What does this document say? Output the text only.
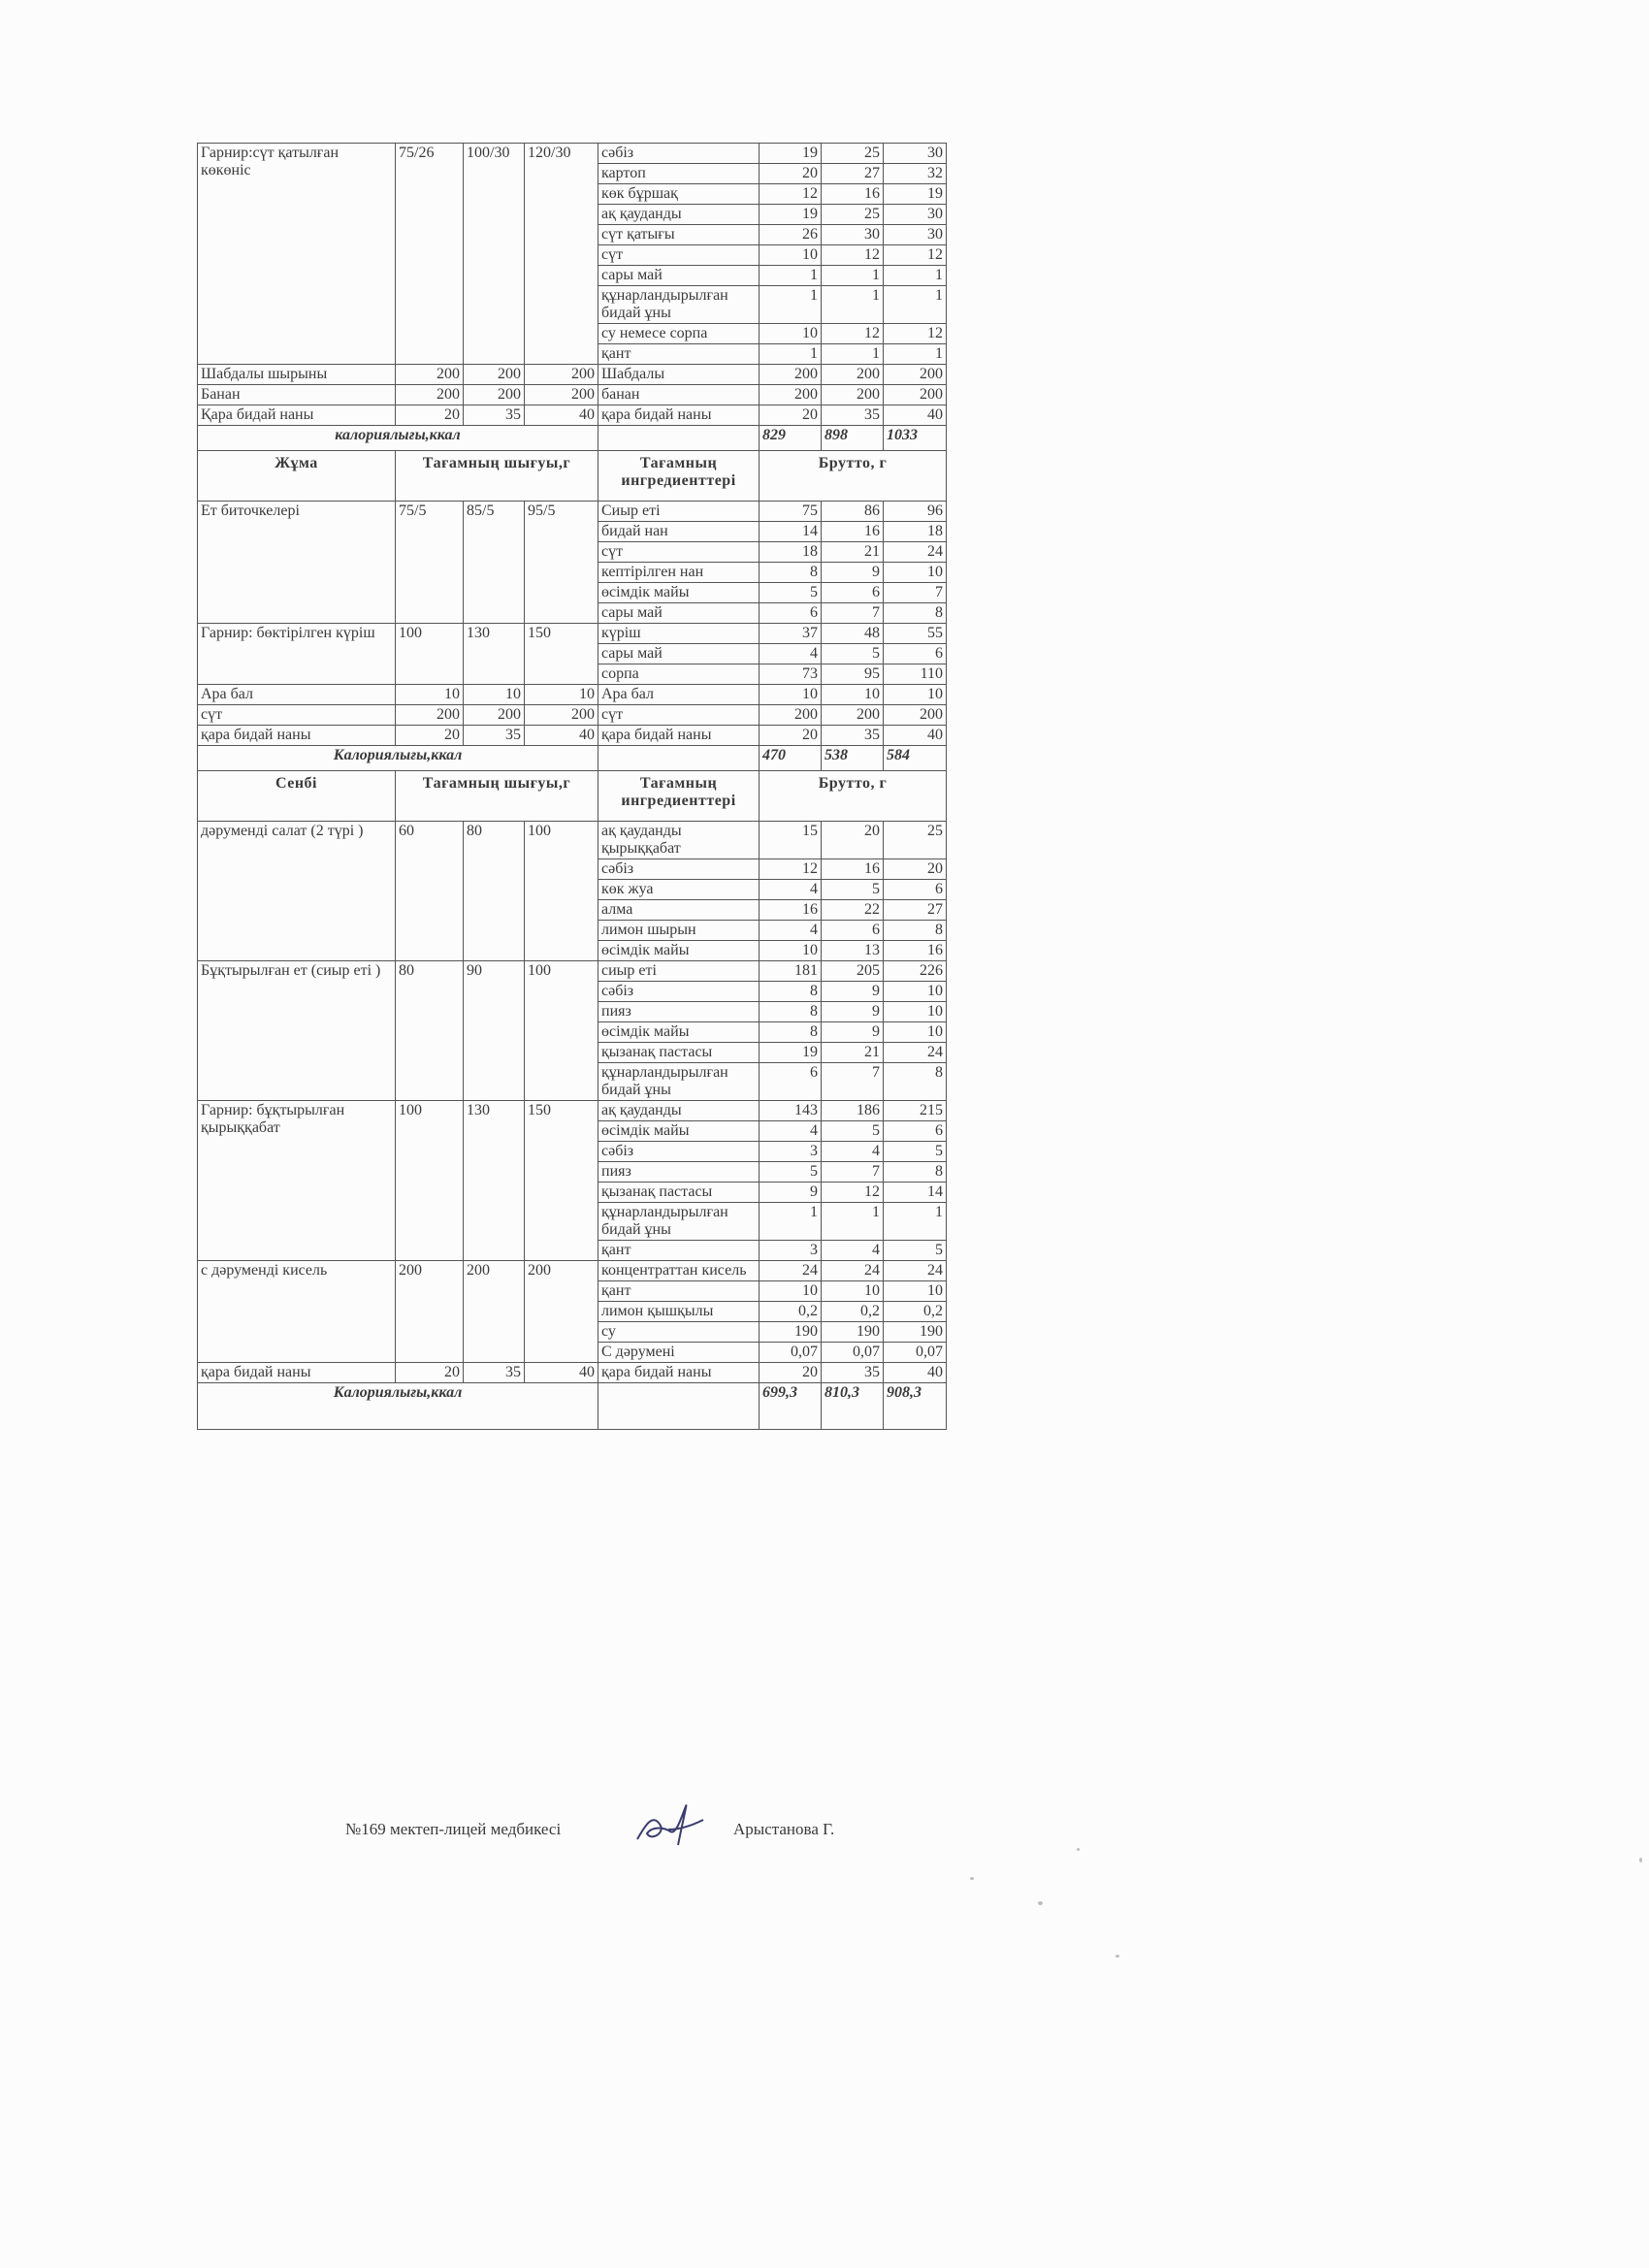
Гарнир:сүт қатылған көкөніс	75/26	100/30	120/30	сәбіз	19	25	30
				картоп	20	27	32
				көк бұршақ	12	16	19
				ақ қауданды	19	25	30
				сүт қатығы	26	30	30
				сүт	10	12	12
				сары май	1	1	1
				құнарландырылған бидай ұны	1	1	1
				су немесе сорпа	10	12	12
				қант	1	1	1
Шабдалы шырыны	200	200	200	Шабдалы	200	200	200
Банан	200	200	200	банан	200	200	200
Қара бидай наны	20	35	40	қара бидай наны	20	35	40
калориялығы,ккал					829	898	1033
Жұма	Тағамның шығуы,г			Тағамның ингредиенттері	Брутто, г		
Ет биточкелері	75/5	85/5	95/5	Сиыр еті	75	86	96
				бидай нан	14	16	18
				сүт	18	21	24
				кептірілген нан	8	9	10
				өсімдік майы	5	6	7
				сары май	6	7	8
Гарнир: бөктірілген күріш	100	130	150	күріш	37	48	55
				сары май	4	5	6
				сорпа	73	95	110
Ара бал	10	10	10	Ара бал	10	10	10
сүт	200	200	200	сүт	200	200	200
қара бидай наны	20	35	40	қара бидай наны	20	35	40
Калориялығы,ккал					470	538	584
Сенбі	Тағамның шығуы,г			Тағамның ингредиенттері	Брутто, г		
дәруменді салат (2 түрі )	60	80	100	ақ қауданды қырыққабат	15	20	25
				сәбіз	12	16	20
				көк жуа	4	5	6
				алма	16	22	27
				лимон шырын	4	6	8
				өсімдік майы	10	13	16
Бұқтырылған ет (сиыр еті )	80	90	100	сиыр еті	181	205	226
				сәбіз	8	9	10
				пияз	8	9	10
				өсімдік майы	8	9	10
				қызанақ пастасы	19	21	24
				құнарландырылған бидай ұны	6	7	8
Гарнир: бұқтырылған қырыққабат	100	130	150	ақ қауданды	143	186	215
				өсімдік майы	4	5	6
				сәбіз	3	4	5
				пияз	5	7	8
				қызанақ пастасы	9	12	14
				құнарландырылған бидай ұны	1	1	1
				қант	3	4	5
с дәруменді кисель	200	200	200	концентраттан кисель	24	24	24
				қант	10	10	10
				лимон қышқылы	0,2	0,2	0,2
				су	190	190	190
				С дәрумені	0,07	0,07	0,07
қара бидай наны	20	35	40	қара бидай наны	20	35	40
Калориялығы,ккал					699,3	810,3	908,3
№169 мектеп-лицей медбикесі	Арыстанова Г.
